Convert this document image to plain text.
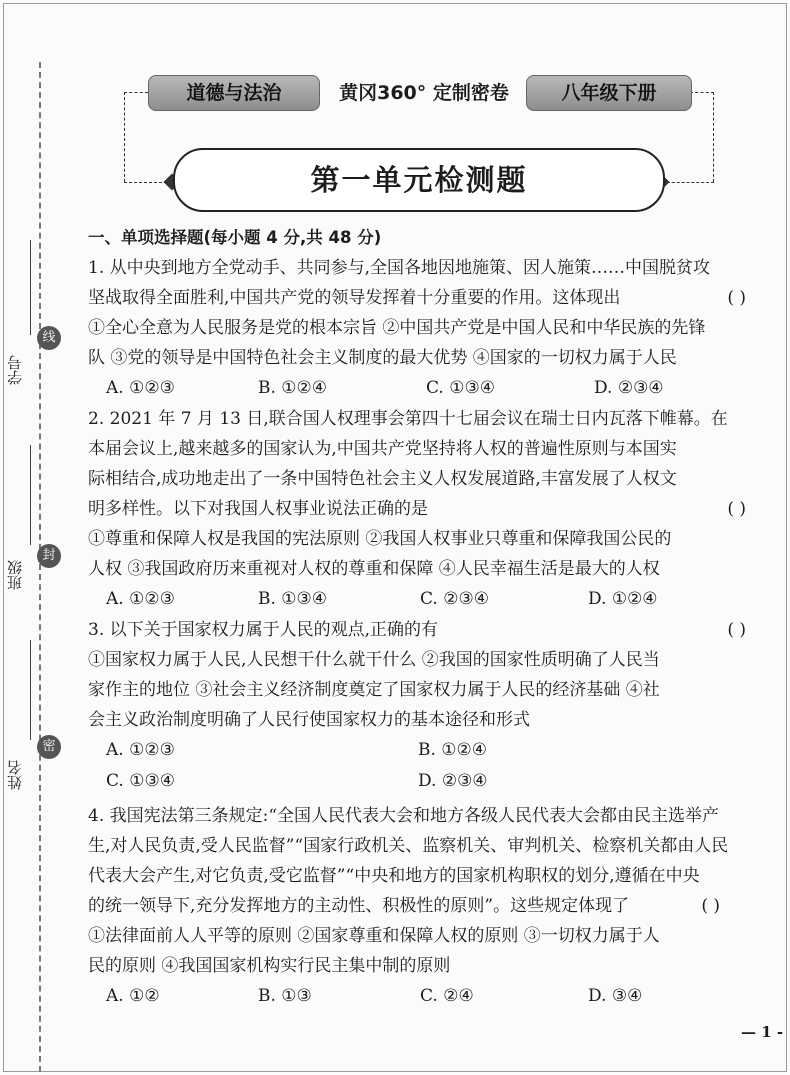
线
封
密
学号
班级
姓名
道德与法治	黄冈360° 定制密卷	八年级下册
第一单元检测题
一、单项选择题(每小题 4 分,共 48 分)
1. 从中央到地方全党动手、共同参与,全国各地因地施策、因人施策……中国脱贫攻
坚战取得全面胜利,中国共产党的领导发挥着十分重要的作用。这体现出	( )
①全心全意为人民服务是党的根本宗旨 ②中国共产党是中国人民和中华民族的先锋
队 ③党的领导是中国特色社会主义制度的最大优势 ④国家的一切权力属于人民
A. ①②③	B. ①②④	C. ①③④	D. ②③④
2. 2021 年 7 月 13 日,联合国人权理事会第四十七届会议在瑞士日内瓦落下帷幕。在
本届会议上,越来越多的国家认为,中国共产党坚持将人权的普遍性原则与本国实
际相结合,成功地走出了一条中国特色社会主义人权发展道路,丰富发展了人权文
明多样性。以下对我国人权事业说法正确的是	( )
①尊重和保障人权是我国的宪法原则 ②我国人权事业只尊重和保障我国公民的
人权 ③我国政府历来重视对人权的尊重和保障 ④人民幸福生活是最大的人权
A. ①②③	B. ①③④	C. ②③④	D. ①②④
3. 以下关于国家权力属于人民的观点,正确的有	( )
①国家权力属于人民,人民想干什么就干什么 ②我国的国家性质明确了人民当
家作主的地位 ③社会主义经济制度奠定了国家权力属于人民的经济基础 ④社
会主义政治制度明确了人民行使国家权力的基本途径和形式
A. ①②③	B. ①②④
C. ①③④	D. ②③④
4. 我国宪法第三条规定:“全国人民代表大会和地方各级人民代表大会都由民主选举产
生,对人民负责,受人民监督”“国家行政机关、监察机关、审判机关、检察机关都由人民
代表大会产生,对它负责,受它监督”“中央和地方的国家机构职权的划分,遵循在中央
的统一领导下,充分发挥地方的主动性、积极性的原则”。这些规定体现了	( )
①法律面前人人平等的原则 ②国家尊重和保障人权的原则 ③一切权力属于人
民的原则 ④我国国家机构实行民主集中制的原则
A. ①②	B. ①③	C. ②④	D. ③④
— 1 -
